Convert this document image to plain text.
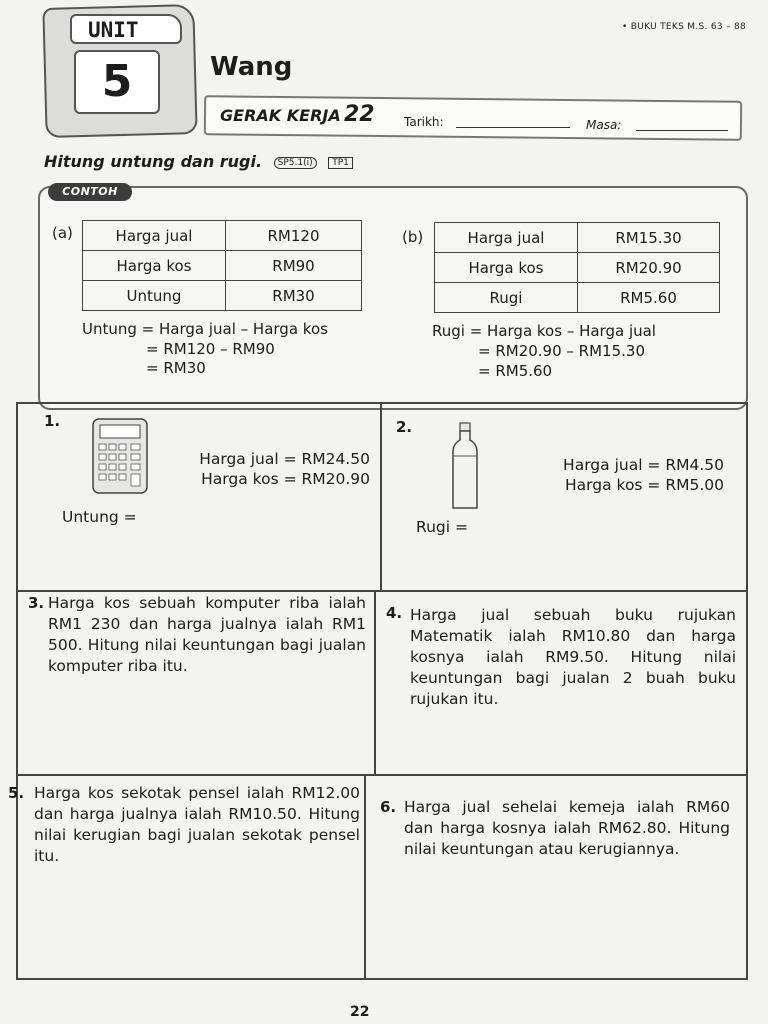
UNIT
5	Wang
• BUKU TEKS M.S. 63 – 88
GERAK KERJA 22 Tarikh:	Masa:
Hitung untung dan rugi. SP5.1(i) TP1
CONTOH
(a)	Harga jual	RM120
Harga kos	RM90
Untung	RM30
Untung = Harga jual – Harga kos
= RM120 – RM90
= RM30
(b)	Harga jual	RM15.30
Harga kos	RM20.90
Rugi	RM5.60
Rugi = Harga kos – Harga jual
= RM20.90 – RM15.30
= RM5.60
1.
Harga jual = RM24.50
Harga kos = RM20.90
Untung =
2.
Harga jual = RM4.50
Harga kos = RM5.00
Rugi =
3. Harga kos sebuah komputer riba ialah RM1 230 dan harga jualnya ialah RM1 500. Hitung nilai keuntungan bagi jualan komputer riba itu.
4. Harga jual sebuah buku rujukan Matematik ialah RM10.80 dan harga kosnya ialah RM9.50. Hitung nilai keuntungan bagi jualan 2 buah buku rujukan itu.
5. Harga kos sekotak pensel ialah RM12.00 dan harga jualnya ialah RM10.50. Hitung nilai kerugian bagi jualan sekotak pensel itu.
6. Harga jual sehelai kemeja ialah RM60 dan harga kosnya ialah RM62.80. Hitung nilai keuntungan atau kerugiannya.
22
